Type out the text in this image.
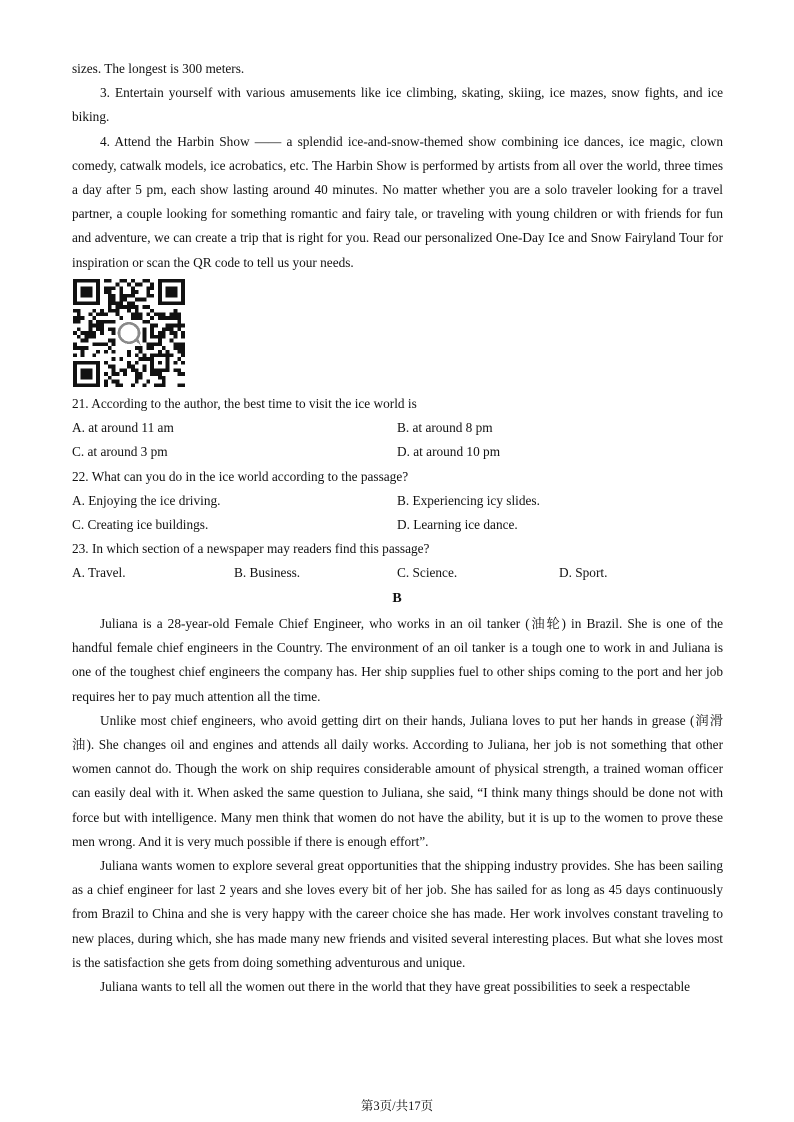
sizes. The longest is 300 meters.

3. Entertain yourself with various amusements like ice climbing, skating, skiing, ice mazes, snow fights, and ice biking.

4. Attend the Harbin Show —— a splendid ice-and-snow-themed show combining ice dances, ice magic, clown comedy, catwalk models, ice acrobatics, etc. The Harbin Show is performed by artists from all over the world, three times a day after 5 pm, each show lasting around 40 minutes. No matter whether you are a solo traveler looking for a travel partner, a couple looking for something romantic and fairy tale, or traveling with young children or with friends for fun and adventure, we can create a trip that is right for you. Read our personalized One-Day Ice and Snow Fairyland Tour for inspiration or scan the QR code to tell us your needs.

21. According to the author, the best time to visit the ice world is
A. at around 11 am	B. at around 8 pm
C. at around 3 pm	D. at around 10 pm
22. What can you do in the ice world according to the passage?
A. Enjoying the ice driving.	B. Experiencing icy slides.
C. Creating ice buildings.	D. Learning ice dance.
23. In which section of a newspaper may readers find this passage?
A. Travel.	B. Business.	C. Science.	D. Sport.

B

Juliana is a 28-year-old Female Chief Engineer, who works in an oil tanker (油轮) in Brazil. She is one of the handful female chief engineers in the Country. The environment of an oil tanker is a tough one to work in and Juliana is one of the toughest chief engineers the company has. Her ship supplies fuel to other ships coming to the port and her job requires her to pay much attention all the time.

Unlike most chief engineers, who avoid getting dirt on their hands, Juliana loves to put her hands in grease (润滑油). She changes oil and engines and attends all daily works. According to Juliana, her job is not something that other women cannot do. Though the work on ship requires considerable amount of physical strength, a trained woman officer can easily deal with it. When asked the same question to Juliana, she said, “I think many things should be done not with force but with intelligence. Many men think that women do not have the ability, but it is up to the women to prove these men wrong. And it is very much possible if there is enough effort”.

Juliana wants women to explore several great opportunities that the shipping industry provides. She has been sailing as a chief engineer for last 2 years and she loves every bit of her job. She has sailed for as long as 45 days continuously from Brazil to China and she is very happy with the career choice she has made. Her work involves constant traveling to new places, during which, she has made many new friends and visited several interesting places. But what she loves most is the satisfaction she gets from doing something adventurous and unique.

Juliana wants to tell all the women out there in the world that they have great possibilities to seek a respectable

第3页/共17页
